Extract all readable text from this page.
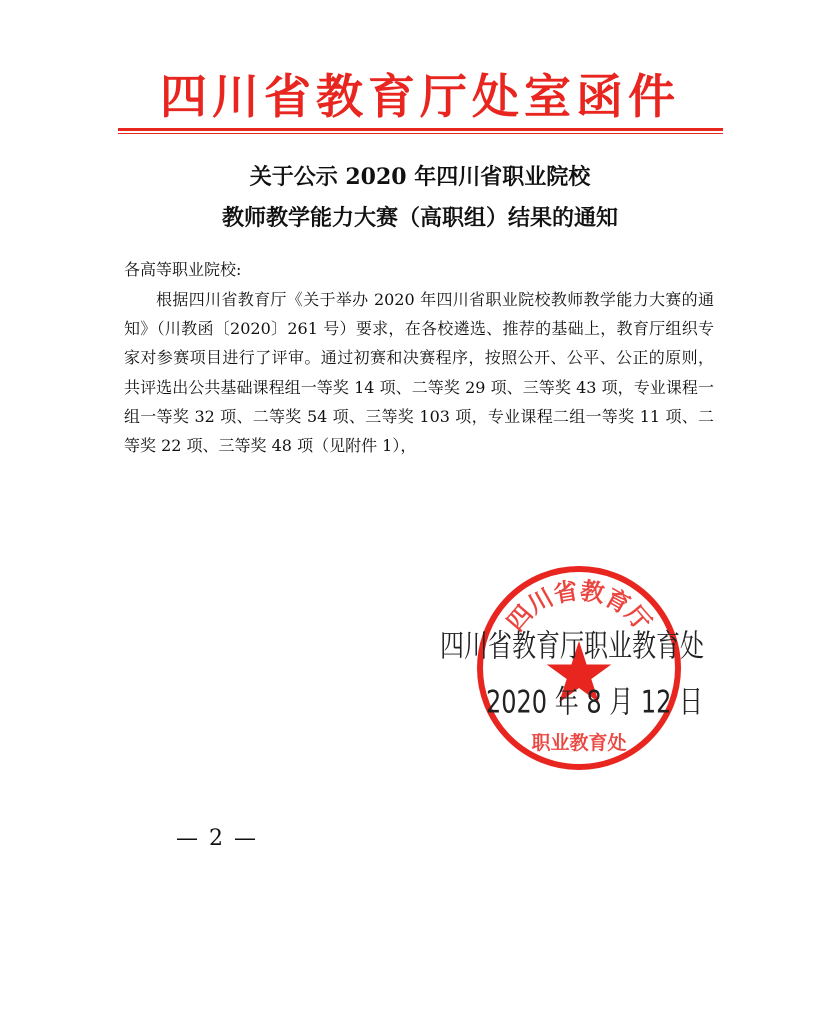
四川省教育厅处室函件
关于公示 2020 年四川省职业院校
教师教学能力大赛（高职组）结果的通知
各高等职业院校:
根据四川省教育厅《关于举办 2020 年四川省职业院校教师教学能力大赛的通知》（川教函〔2020〕261 号）要求，在各校遴选、推荐的基础上，教育厅组织专家对参赛项目进行了评审。通过初赛和决赛程序，按照公开、公平、公正的原则，共评选出公共基础课程组一等奖 14 项、二等奖 29 项、三等奖 43 项，专业课程一组一等奖 32 项、二等奖 54 项、三等奖 103 项，专业课程二组一等奖 11 项、二等奖 22 项、三等奖 48 项（见附件 1），
四川省教育厅
职业教育处
四川省教育厅职业教育处
2020 年 8 月 12 日
— 2 —
